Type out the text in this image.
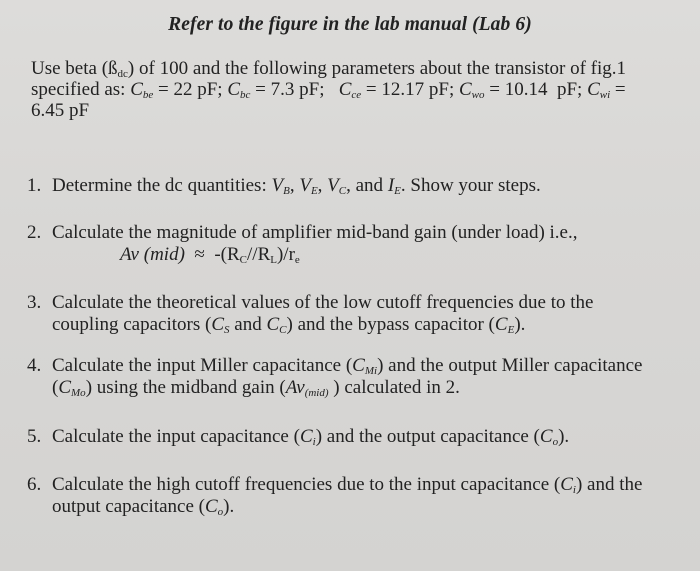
Refer to the figure in the lab manual (Lab 6)
Use beta $(ß_{dc})$ of 100 and the following parameters about the transistor of fig.1
specified as: $C_{be} = 22$ pF; $C_{bc} = 7.3$ pF;   $C_{ce} = 12.17$ pF; $C_{wo} = 10.14$  pF; $C_{wi}$ =
6.45 pF
1. Determine the dc quantities: $V_B$, $V_E$, $V_C$, and $I_E$. Show your steps.
2. Calculate the magnitude of amplifier mid-band gain (under load) i.e.,
Av $(mid) \approx -(R_C//R_L)/r_e$
3. Calculate the theoretical values of the low cutoff frequencies due to the
coupling capacitors ($C_S$ and $C_C$) and the bypass capacitor $(C_E)$.
4. Calculate the input Miller capacitance $(C_{Mi})$ and the output Miller capacitance
$(C_{Mo})$ using the midband gain ($Av_{(mid)}$ ) calculated in 2.
5. Calculate the input capacitance $(C_i)$ and the output capacitance $(C_o)$.
6. Calculate the high cutoff frequencies due to the input capacitance $(C_i)$ and the
output capacitance $(C_o)$.
